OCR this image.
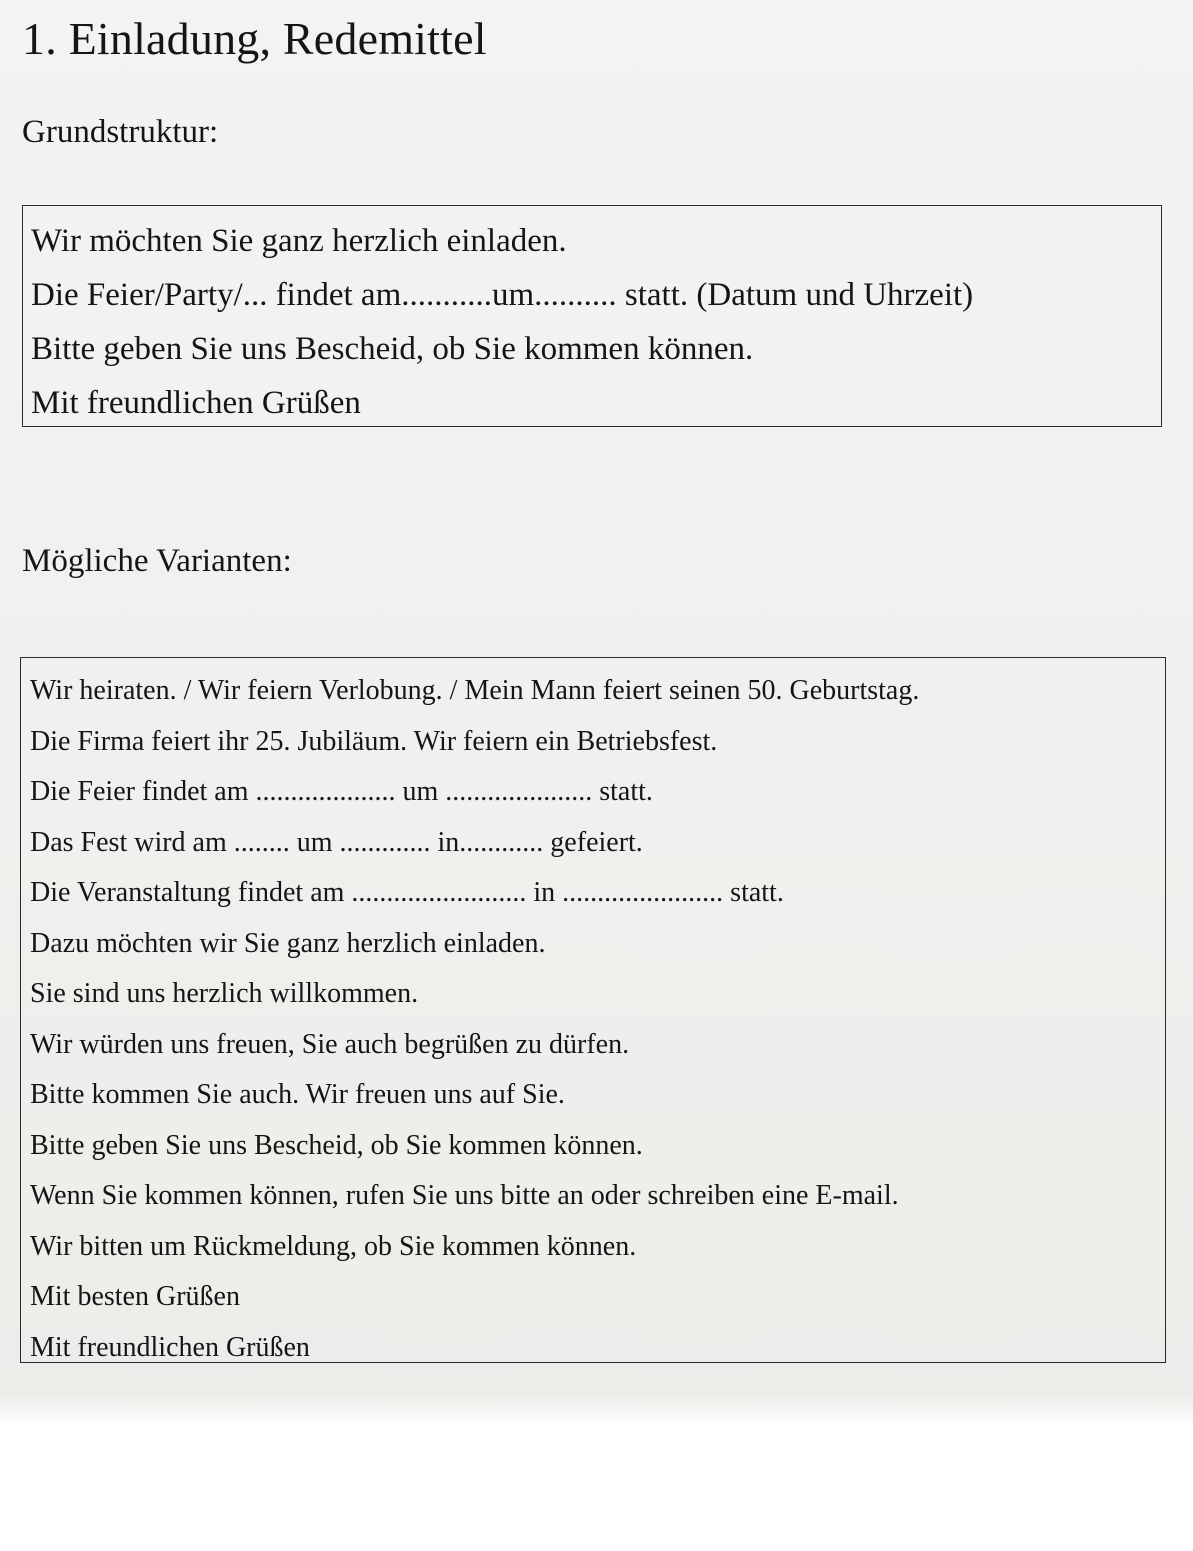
1. Einladung, Redemittel
Grundstruktur:
Wir möchten Sie ganz herzlich einladen.
Die Feier/Party/... findet am...........um.......... statt. (Datum und Uhrzeit)
Bitte geben Sie uns Bescheid, ob Sie kommen können.
Mit freundlichen Grüßen
Mögliche Varianten:
Wir heiraten. / Wir feiern Verlobung. / Mein Mann feiert seinen 50. Geburtstag.
Die Firma feiert ihr 25. Jubiläum. Wir feiern ein Betriebsfest.
Die Feier findet am .................... um ..................... statt.
Das Fest wird am ........ um ............. in............ gefeiert.
Die Veranstaltung findet am ......................... in ....................... statt.
Dazu möchten wir Sie ganz herzlich einladen.
Sie sind uns herzlich willkommen.
Wir würden uns freuen, Sie auch begrüßen zu dürfen.
Bitte kommen Sie auch. Wir freuen uns auf Sie.
Bitte geben Sie uns Bescheid, ob Sie kommen können.
Wenn Sie kommen können, rufen Sie uns bitte an oder schreiben eine E-mail.
Wir bitten um Rückmeldung, ob Sie kommen können.
Mit besten Grüßen
Mit freundlichen Grüßen
